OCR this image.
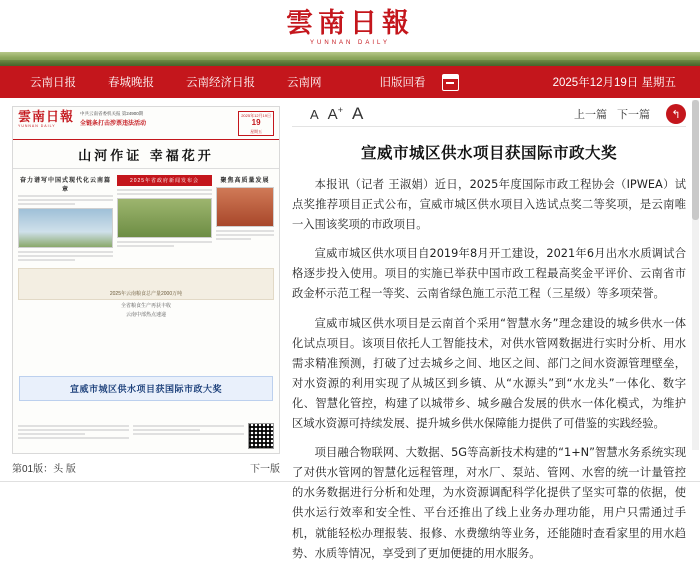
雲南日報
YUNNAN DAILY
云南日报	春城晚报	云南经济日报	云南网	旧版回看	2025年12月19日 星期五
雲南日報
YUNNAN DAILY
中共云南省委机关报 第24900期
全链条打击涉票违法活动
2025年12月19日
19
星期五
山河作证 幸福花开
奋力谱写中国式现代化云南篇章
2025年省政府新闻发布会	聚焦高质量发展
2025年云南粮食总产量2000万吨
全省粮食生产再获丰收
云南中部热点速递
宣威市城区供水项目获国际市政大奖
第01版：头 版	下一版
A A+ A	上一篇 下一篇	↰
宣威市城区供水项目获国际市政大奖

本报讯（记者 王淑娟）近日，2025年度国际市政工程协会（IPWEA）试点奖推荐项目正式公布，宣威市城区供水项目入选试点奖二等奖项，是云南唯一入围该奖项的市政项目。

宣威市城区供水项目自2019年8月开工建设，2021年6月出水水质调试合格逐步投入使用。项目的实施已举获中国市政工程最高奖金平评价、云南省市政金杯示范工程一等奖、云南省绿色施工示范工程（三星级）等多项荣誉。

宣威市城区供水项目是云南首个采用“智慧水务”理念建设的城乡供水一体化试点项目。该项目依托人工智能技术，对供水管网数据进行实时分析、用水需求精准预测，打破了过去城乡之间、地区之间、部门之间水资源管理壁垒，对水资源的利用实现了从城区到乡镇、从“水源头”到“水龙头”一体化、数字化、智慧化管控，构建了以城带乡、城乡融合发展的供水一体化模式，为维护区域水资源可持续发展、提升城乡供水保障能力提供了可借鉴的实践经验。

项目融合物联网、大数据、5G等高新技术构建的“1+N”智慧水务系统实现了对供水管网的智慧化远程管理，对水厂、泵站、管网、水窖的统一计量管控的水务数据进行分析和处理，为水资源调配科学化提供了坚实可靠的依据，使供水运行效率和安全性、平台还推出了线上业务办理功能，用户只需通过手机，就能轻松办理报装、报修、水费缴纳等业务，还能随时查看家里的用水趋势、水质等情况，享受到了更加便捷的用水服务。
